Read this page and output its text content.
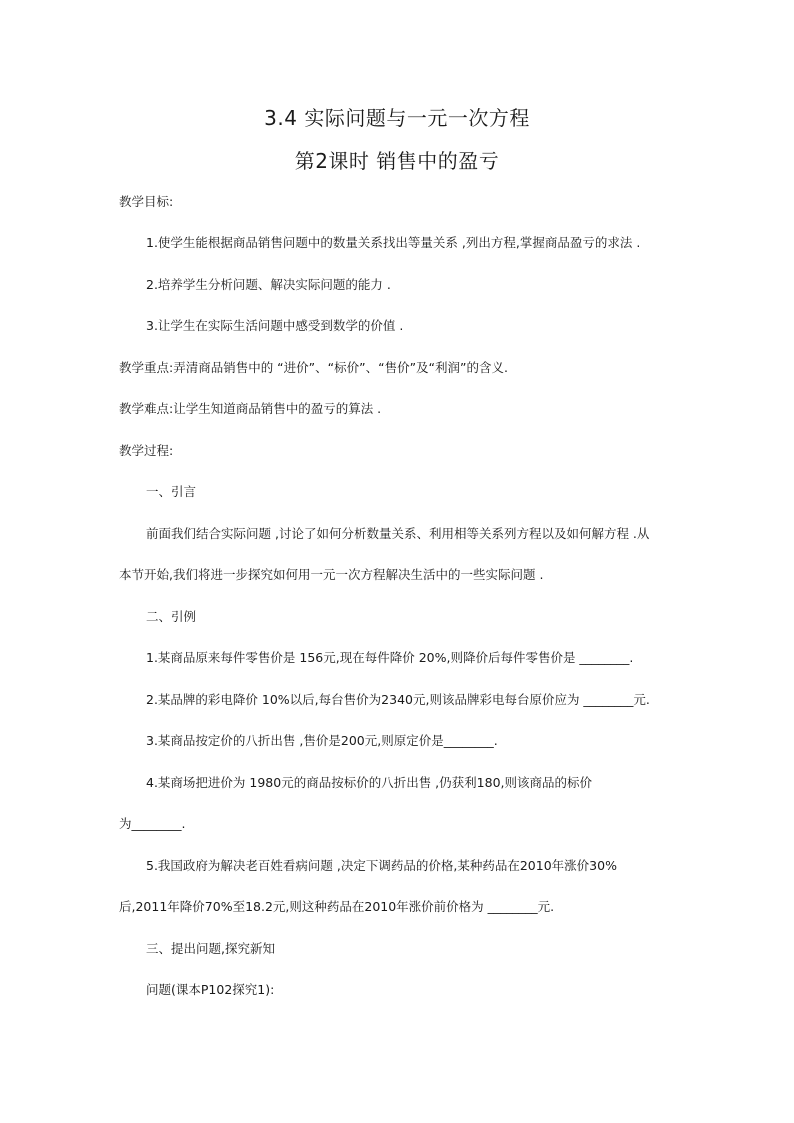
3.4 实际问题与一元一次方程
第2课时 销售中的盈亏
教学目标:
1.使学生能根据商品销售问题中的数量关系找出等量关系 ,列出方程,掌握商品盈亏的求法 .
2.培养学生分析问题、解决实际问题的能力 .
3.让学生在实际生活问题中感受到数学的价值 .
教学重点:弄清商品销售中的 “进价”、“标价”、“售价”及“利润”的含义.
教学难点:让学生知道商品销售中的盈亏的算法 .
教学过程:
一、引言
前面我们结合实际问题 ,讨论了如何分析数量关系、利用相等关系列方程以及如何解方程 .从
本节开始,我们将进一步探究如何用一元一次方程解决生活中的一些实际问题 .
二、引例
1.某商品原来每件零售价是 156元,现在每件降价 20%,则降价后每件零售价是 ________.
2.某品牌的彩电降价 10%以后,每台售价为2340元,则该品牌彩电每台原价应为 ________元.
3.某商品按定价的八折出售 ,售价是200元,则原定价是________.
4.某商场把进价为 1980元的商品按标价的八折出售 ,仍获利180,则该商品的标价
为________.
5.我国政府为解决老百姓看病问题 ,决定下调药品的价格,某种药品在2010年涨价30%
后,2011年降价70%至18.2元,则这种药品在2010年涨价前价格为 ________元.
三、提出问题,探究新知
问题(课本P102探究1):
